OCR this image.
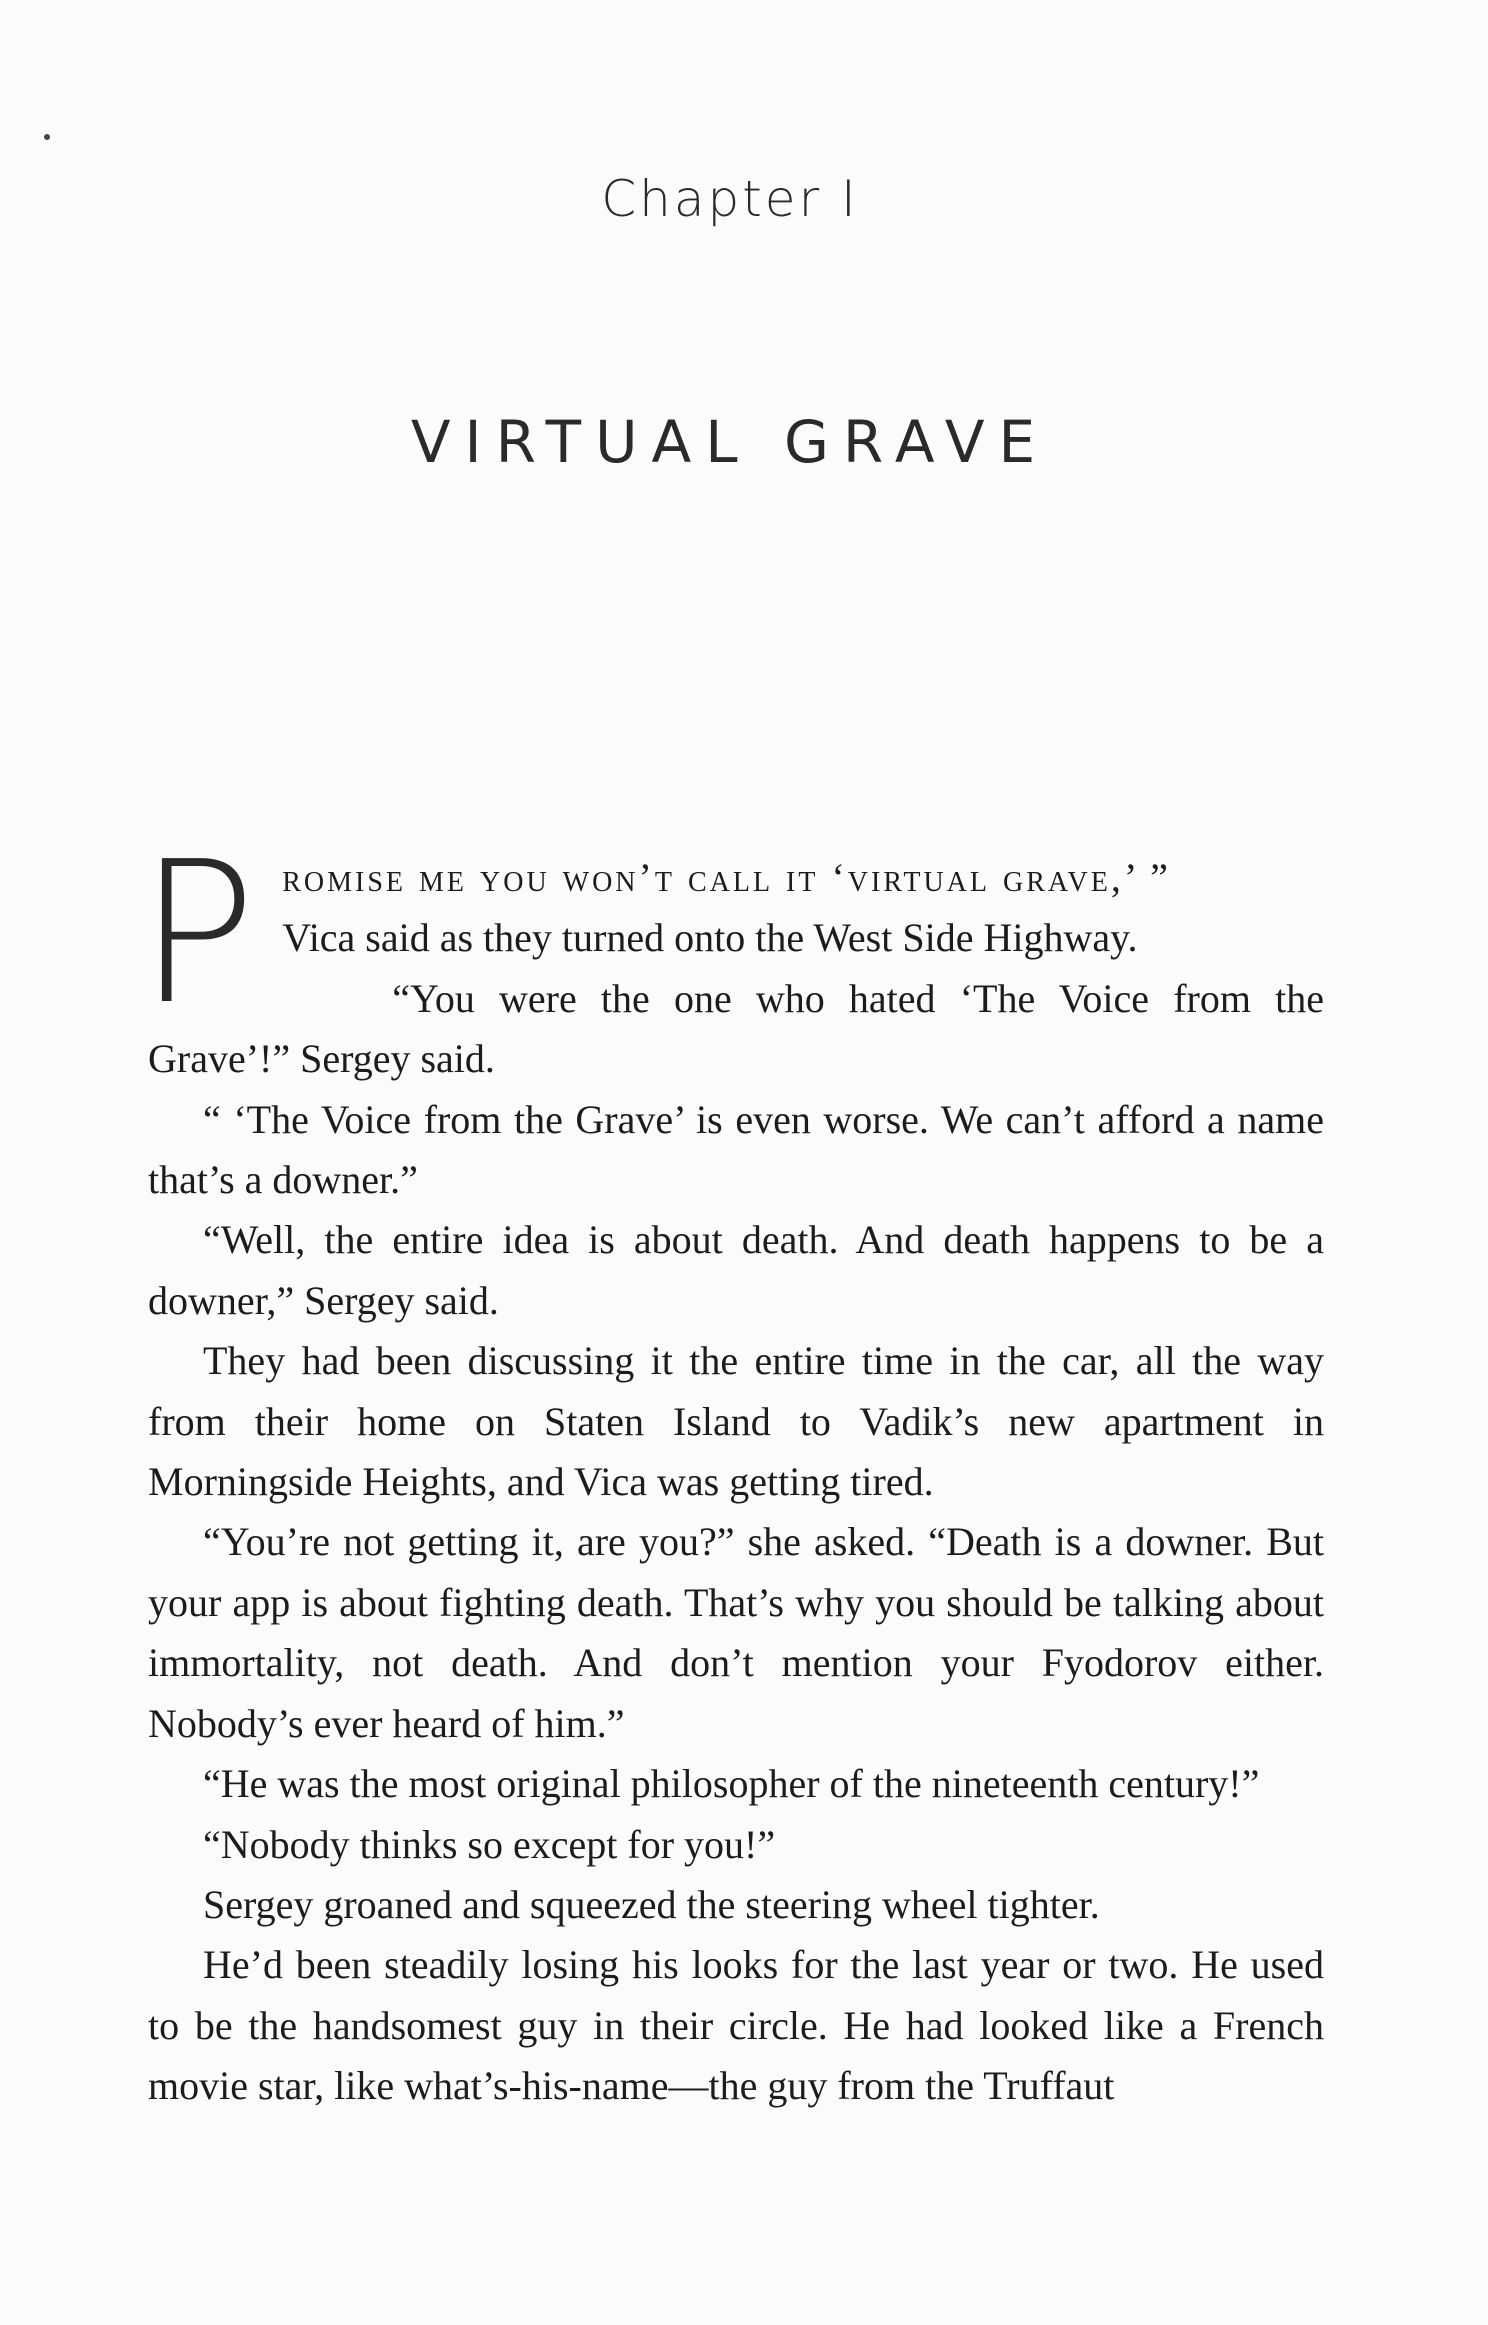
Chapter I
VIRTUAL GRAVE

Promise me you won’t call it ‘virtual grave,’ ”
Vica said as they turned onto the West Side Highway.

“You were the one who hated ‘The Voice from the Grave’!” Sergey said.

“ ‘The Voice from the Grave’ is even worse. We can’t afford a name that’s a downer.”

“Well, the entire idea is about death. And death happens to be a downer,” Sergey said.

They had been discussing it the entire time in the car, all the way from their home on Staten Island to Vadik’s new apartment in Morningside Heights, and Vica was getting tired.

“You’re not getting it, are you?” she asked. “Death is a downer. But your app is about fighting death. That’s why you should be talking about immortality, not death. And don’t mention your Fyodorov either. Nobody’s ever heard of him.”

“He was the most original philosopher of the nineteenth century!”

“Nobody thinks so except for you!”

Sergey groaned and squeezed the steering wheel tighter.

He’d been steadily losing his looks for the last year or two. He used to be the handsomest guy in their circle. He had looked like a French movie star, like what’s-his-name—the guy from the Truffaut
